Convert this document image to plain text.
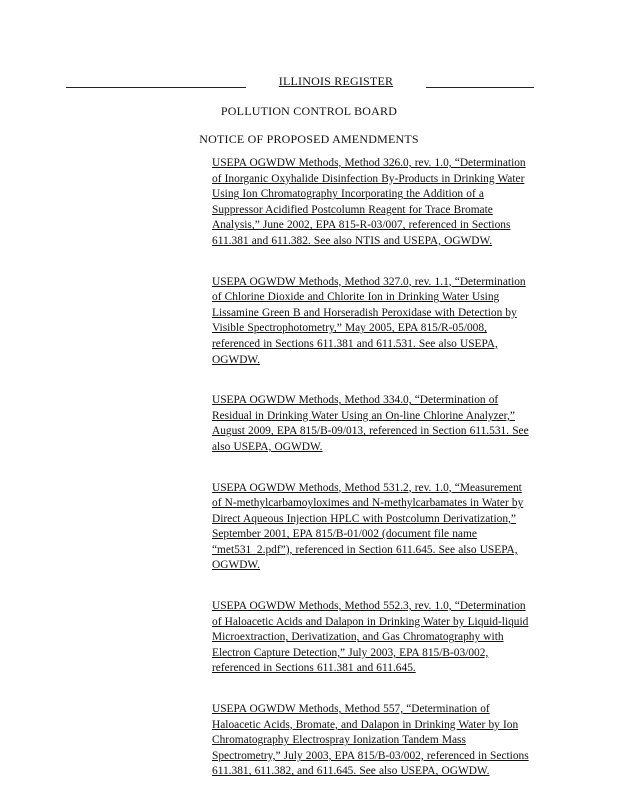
ILLINOIS REGISTER
POLLUTION CONTROL BOARD
NOTICE OF PROPOSED AMENDMENTS

USEPA OGWDW Methods, Method 326.0, rev. 1.0, “Determination of Inorganic Oxyhalide Disinfection By-Products in Drinking Water Using Ion Chromatography Incorporating the Addition of a Suppressor Acidified Postcolumn Reagent for Trace Bromate Analysis,” June 2002, EPA 815-R-03/007, referenced in Sections 611.381 and 611.382. See also NTIS and USEPA, OGWDW.

USEPA OGWDW Methods, Method 327.0, rev. 1.1, “Determination of Chlorine Dioxide and Chlorite Ion in Drinking Water Using Lissamine Green B and Horseradish Peroxidase with Detection by Visible Spectrophotometry,” May 2005, EPA 815/R-05/008, referenced in Sections 611.381 and 611.531. See also USEPA, OGWDW.

USEPA OGWDW Methods, Method 334.0, “Determination of Residual in Drinking Water Using an On-line Chlorine Analyzer,” August 2009, EPA 815/B-09/013, referenced in Section 611.531. See also USEPA, OGWDW.

USEPA OGWDW Methods, Method 531.2, rev. 1.0, “Measurement of N-methylcarbamoyloximes and N-methylcarbamates in Water by Direct Aqueous Injection HPLC with Postcolumn Derivatization,” September 2001, EPA 815/B-01/002 (document file name “met531_2.pdf”), referenced in Section 611.645. See also USEPA, OGWDW.

USEPA OGWDW Methods, Method 552.3, rev. 1.0, “Determination of Haloacetic Acids and Dalapon in Drinking Water by Liquid-liquid Microextraction, Derivatization, and Gas Chromatography with Electron Capture Detection,” July 2003, EPA 815/B-03/002, referenced in Sections 611.381 and 611.645.

USEPA OGWDW Methods, Method 557, “Determination of Haloacetic Acids, Bromate, and Dalapon in Drinking Water by Ion Chromatography Electrospray Ionization Tandem Mass Spectrometry,” July 2003, EPA 815/B-03/002, referenced in Sections 611.381, 611.382, and 611.645. See also USEPA, OGWDW.
